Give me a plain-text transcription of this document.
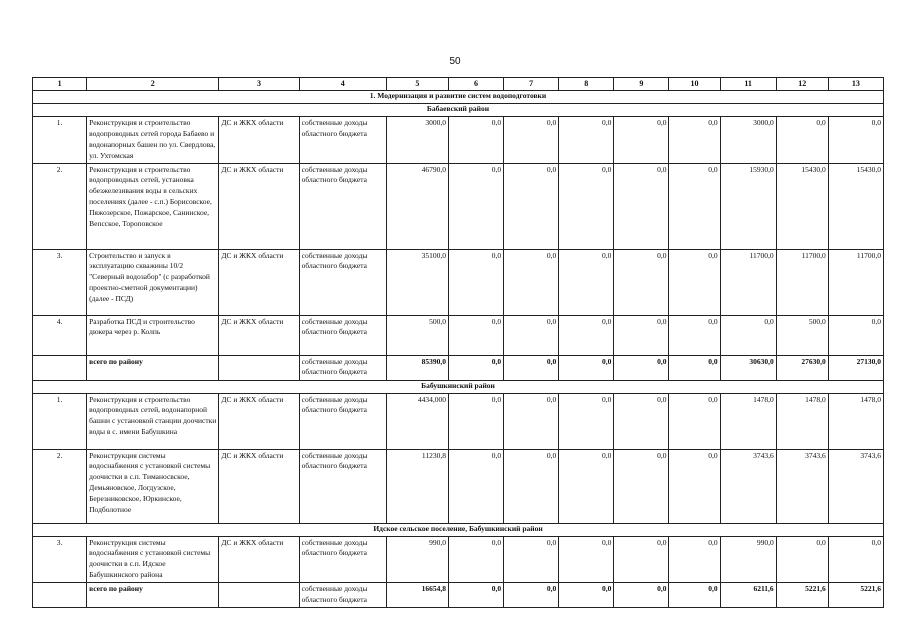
50
1	2	3	4	5	6	7	8	9	10	11	12	13
1. Модернизация и развитие систем водоподготовки												
Бабаевский район												
1.	Реконструкция и строительство водопроводных сетей города Бабаево и водонапорных башен по ул. Свердлова, ул. Ухтомская	ДС и ЖКХ области	собственные доходы областного бюджета	3000,0	0,0	0,0	0,0	0,0	0,0	3000,0	0,0	0,0
2.	Реконструкция и строительство водопроводных сетей, установка обезжелезивания воды в сельских поселениях (далее - с.п.) Борисовское, Пяжозерское, Пожарское, Санинское, Вепсское, Тороповское	ДС и ЖКХ области	собственные доходы областного бюджета	46790,0	0,0	0,0	0,0	0,0	0,0	15930,0	15430,0	15430,0
3.	Строительство и запуск в эксплуатацию скважины 10/2 "Северный водозабор" (с разработкой проектно-сметной документации) (далее - ПСД)	ДС и ЖКХ области	собственные доходы областного бюджета	35100,0	0,0	0,0	0,0	0,0	0,0	11700,0	11700,0	11700,0
4.	Разработка ПСД и строительство дюкера через р. Колпь	ДС и ЖКХ области	собственные доходы областного бюджета	500,0	0,0	0,0	0,0	0,0	0,0	0,0	500,0	0,0
	всего по району		собственные доходы областного бюджета	85390,0	0,0	0,0	0,0	0,0	0,0	30630,0	27630,0	27130,0
Бабушкинский район												
1.	Реконструкция и строительство водопроводных сетей, водонапорной башни с установкой станции доочистки воды в с. имени Бабушкина	ДС и ЖКХ области	собственные доходы областного бюджета	4434,000	0,0	0,0	0,0	0,0	0,0	1478,0	1478,0	1478,0
2.	Реконструкция системы водоснабжения с установкой системы доочистки в с.п. Тиманосвское, Демьяновское, Логдузское, Березниковское, Юркинское, Подболотное	ДС и ЖКХ области	собственные доходы областного бюджета	11230,8	0,0	0,0	0,0	0,0	0,0	3743,6	3743,6	3743,6
Идское сельское поселение, Бабушкинский район												
3.	Реконструкция системы водоснабжения с установкой системы доочистки в с.п. Идское Бабушкинского района	ДС и ЖКХ области	собственные доходы областного бюджета	990,0	0,0	0,0	0,0	0,0	0,0	990,0	0,0	0,0
	всего по району		собственные доходы областного бюджета	16654,8	0,0	0,0	0,0	0,0	0,0	6211,6	5221,6	5221,6
